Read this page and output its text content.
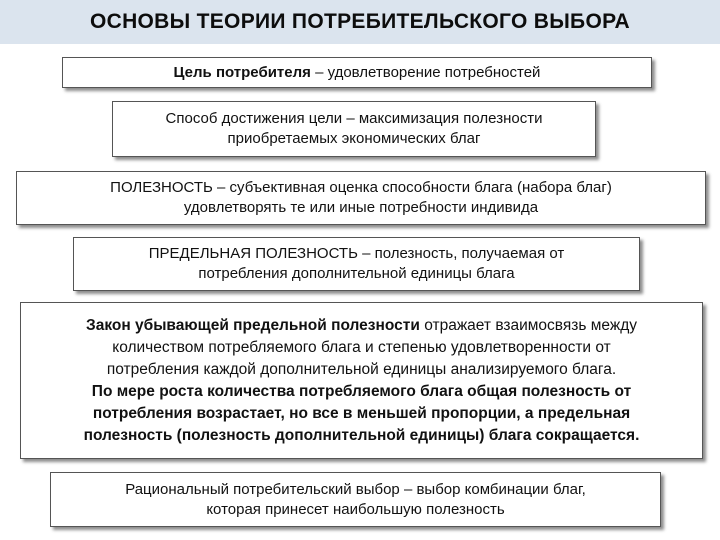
ОСНОВЫ ТЕОРИИ ПОТРЕБИТЕЛЬСКОГО ВЫБОРА

Цель потребителя – удовлетворение потребностей

Способ достижения цели – максимизация полезности

приобретаемых экономических благ

ПОЛЕЗНОСТЬ – субъективная оценка способности блага (набора благ)

удовлетворять те или иные потребности индивида

ПРЕДЕЛЬНАЯ ПОЛЕЗНОСТЬ – полезность, получаемая от

потребления дополнительной единицы блага

Закон убывающей предельной полезности отражает взаимосвязь между

количеством потребляемого блага и степенью удовлетворенности от

потребления каждой дополнительной единицы анализируемого блага.

По мере роста количества потребляемого блага общая полезность от

потребления возрастает, но все в меньшей пропорции, а предельная

полезность (полезность дополнительной единицы) блага сокращается.

Рациональный потребительский выбор – выбор комбинации благ,

которая принесет наибольшую полезность
